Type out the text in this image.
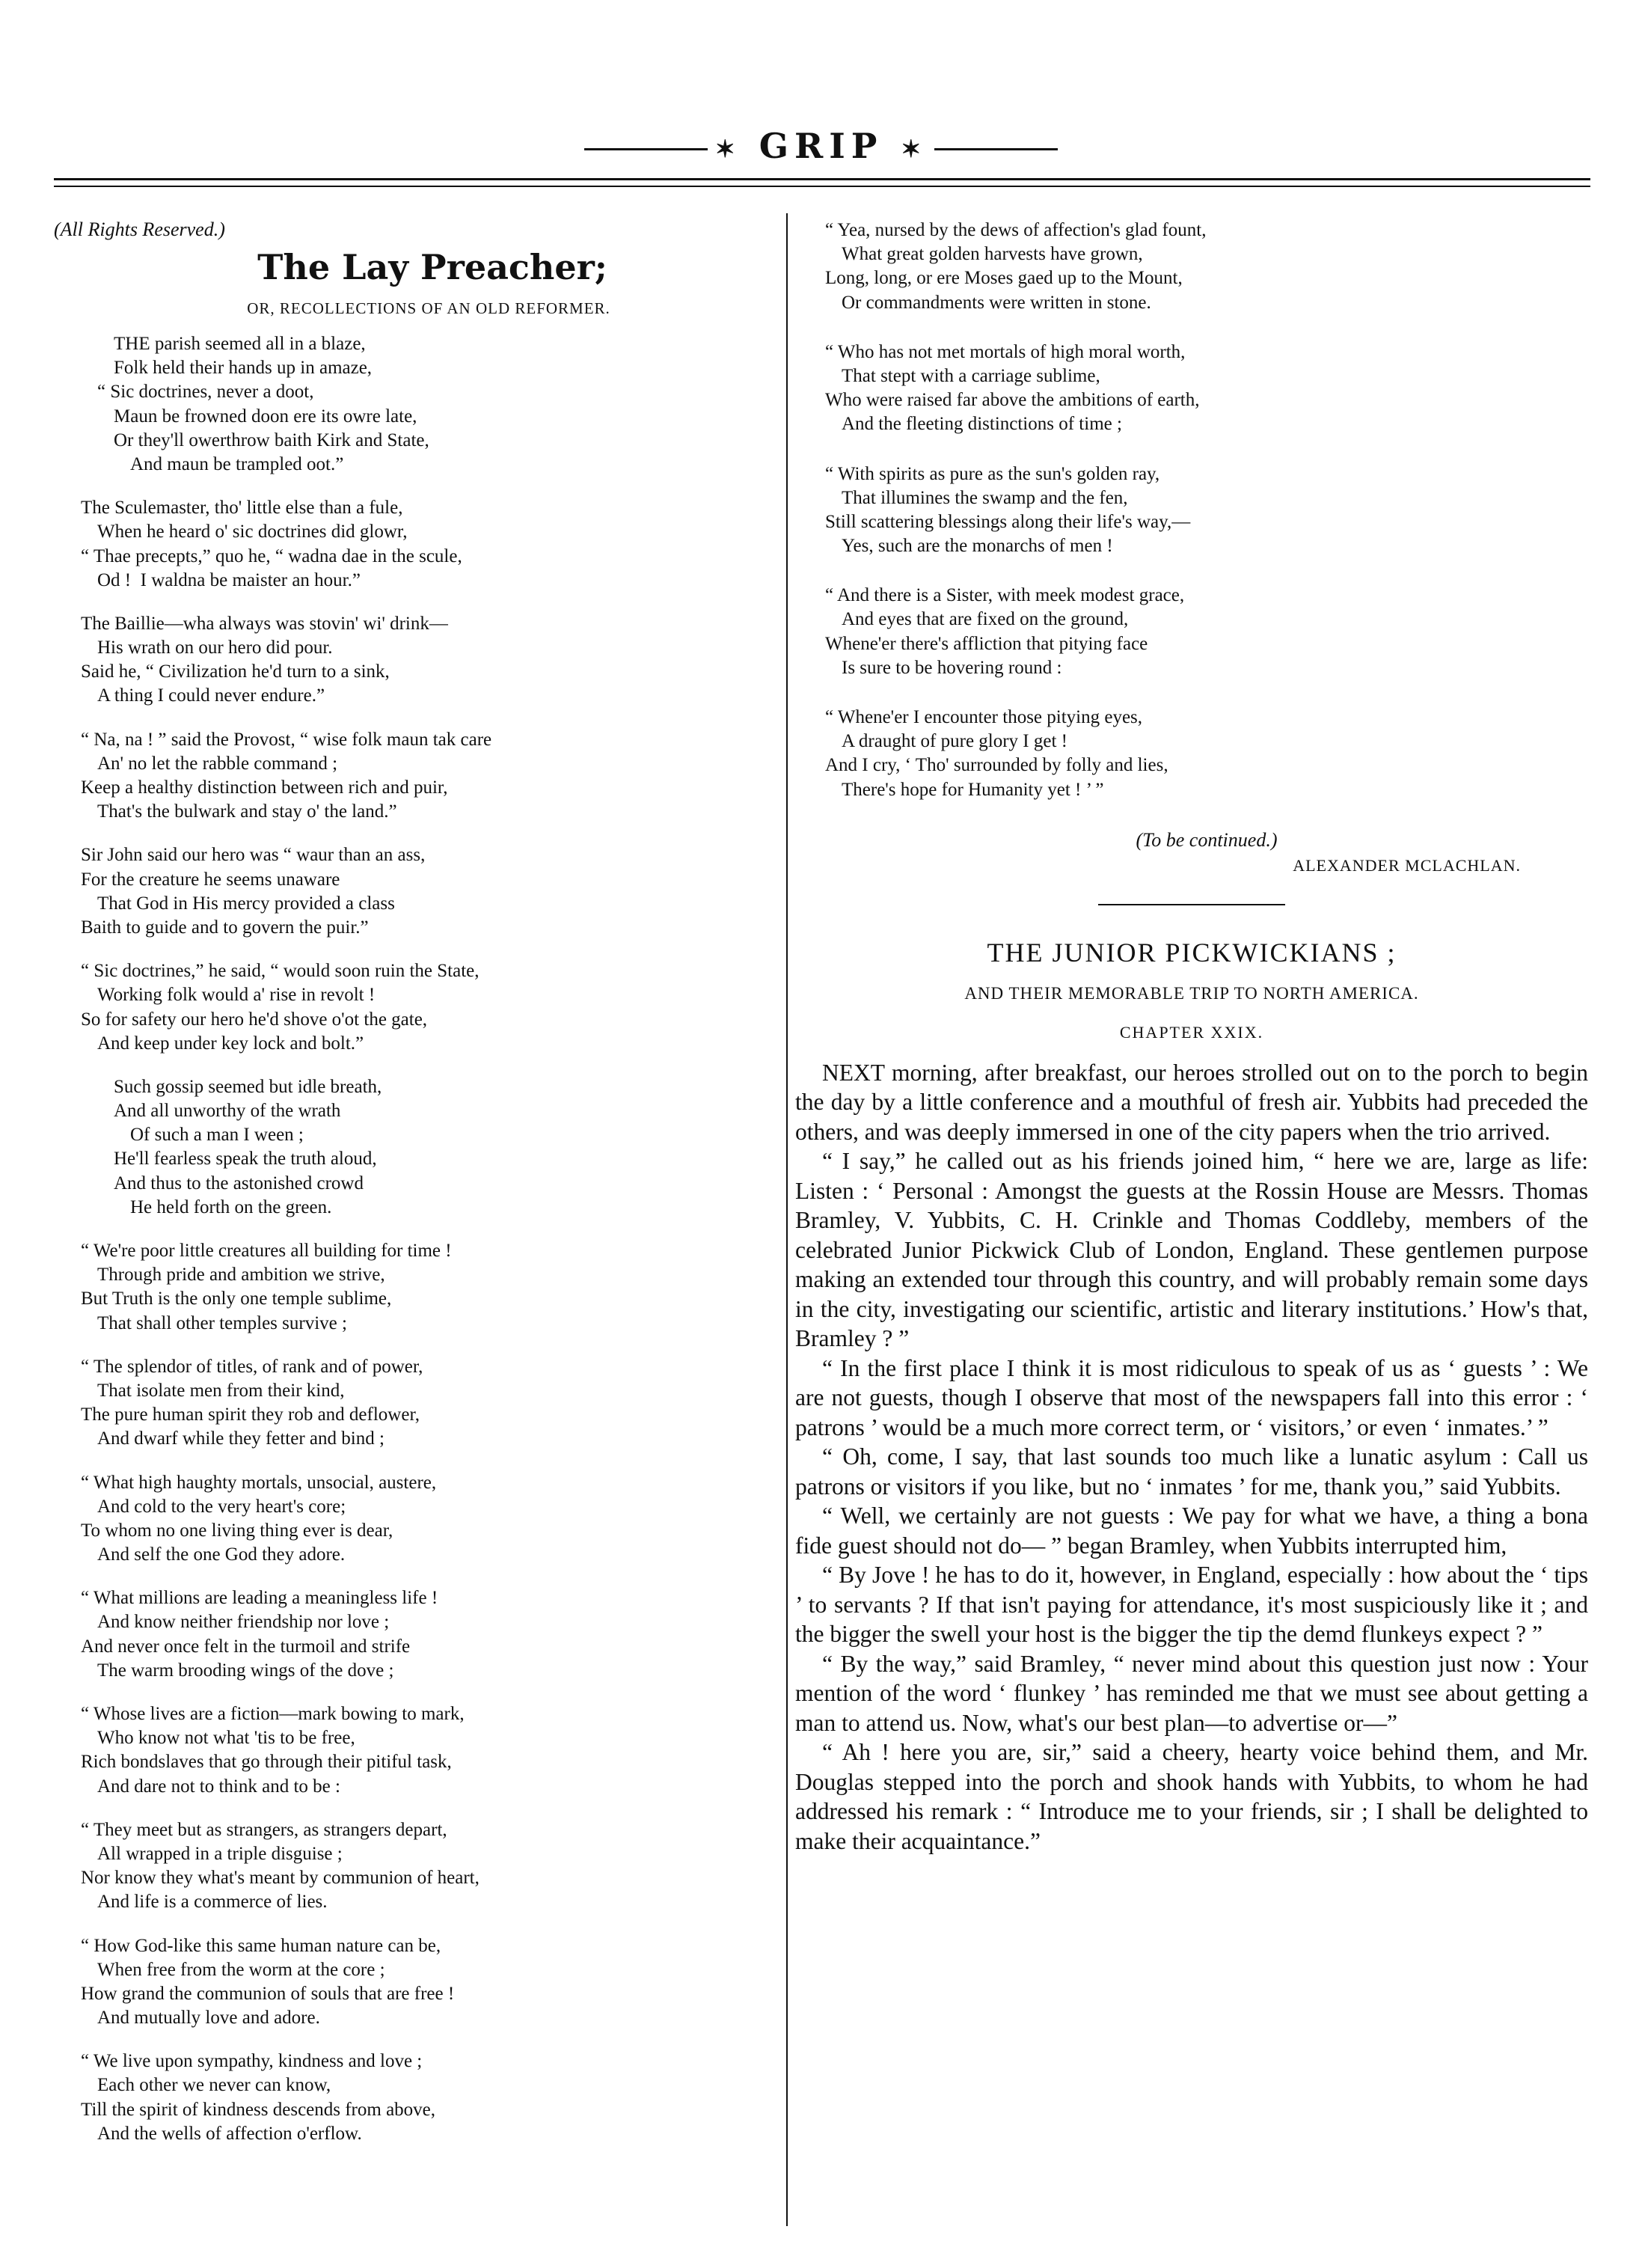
✶ GRIP ✶
(All Rights Reserved.)
The Lay Preacher;
OR, RECOLLECTIONS OF AN OLD REFORMER.
THE parish seemed all in a blaze,
Folk held their hands up in amaze,
“ Sic doctrines, never a doot,
Maun be frowned doon ere its owre late,
Or they'll owerthrow baith Kirk and State,
And maun be trampled oot.”
The Sculemaster, tho' little else than a fule,
When he heard o' sic doctrines did glowr,
“ Thae precepts,” quo he, “ wadna dae in the scule,
Od !  I waldna be maister an hour.”
The Baillie—wha always was stovin' wi' drink—
His wrath on our hero did pour.
Said he, “ Civilization he'd turn to a sink,
A thing I could never endure.”
“ Na, na ! ” said the Provost, “ wise folk maun tak care
An' no let the rabble command ;
Keep a healthy distinction between rich and puir,
That's the bulwark and stay o' the land.”
Sir John said our hero was “ waur than an ass,
For the creature he seems unaware
That God in His mercy provided a class
Baith to guide and to govern the puir.”
“ Sic doctrines,” he said, “ would soon ruin the State,
Working folk would a' rise in revolt !
So for safety our hero he'd shove o'ot the gate,
And keep under key lock and bolt.”
Such gossip seemed but idle breath,
And all unworthy of the wrath
Of such a man I ween ;
He'll fearless speak the truth aloud,
And thus to the astonished crowd
He held forth on the green.
“ We're poor little creatures all building for time !
Through pride and ambition we strive,
But Truth is the only one temple sublime,
That shall other temples survive ;
“ The splendor of titles, of rank and of power,
That isolate men from their kind,
The pure human spirit they rob and deflower,
And dwarf while they fetter and bind ;
“ What high haughty mortals, unsocial, austere,
And cold to the very heart's core;
To whom no one living thing ever is dear,
And self the one God they adore.
“ What millions are leading a meaningless life !
And know neither friendship nor love ;
And never once felt in the turmoil and strife
The warm brooding wings of the dove ;
“ Whose lives are a fiction—mark bowing to mark,
Who know not what 'tis to be free,
Rich bondslaves that go through their pitiful task,
And dare not to think and to be :
“ They meet but as strangers, as strangers depart,
All wrapped in a triple disguise ;
Nor know they what's meant by communion of heart,
And life is a commerce of lies.
“ How God-like this same human nature can be,
When free from the worm at the core ;
How grand the communion of souls that are free !
And mutually love and adore.
“ We live upon sympathy, kindness and love ;
Each other we never can know,
Till the spirit of kindness descends from above,
And the wells of affection o'erflow.
“ Yea, nursed by the dews of affection's glad fount,
What great golden harvests have grown,
Long, long, or ere Moses gaed up to the Mount,
Or commandments were written in stone.
“ Who has not met mortals of high moral worth,
That stept with a carriage sublime,
Who were raised far above the ambitions of earth,
And the fleeting distinctions of time ;
“ With spirits as pure as the sun's golden ray,
That illumines the swamp and the fen,
Still scattering blessings along their life's way,—
Yes, such are the monarchs of men !
“ And there is a Sister, with meek modest grace,
And eyes that are fixed on the ground,
Whene'er there's affliction that pitying face
Is sure to be hovering round :
“ Whene'er I encounter those pitying eyes,
A draught of pure glory I get !
And I cry, ‘ Tho' surrounded by folly and lies,
There's hope for Humanity yet ! ’ ”
(To be continued.)
ALEXANDER MCLACHLAN.
THE JUNIOR PICKWICKIANS ;
AND THEIR MEMORABLE TRIP TO NORTH AMERICA.
CHAPTER XXIX.

NEXT morning, after breakfast, our heroes strolled out on to the porch to begin the day by a little conference and a mouthful of fresh air. Yubbits had preceded the others, and was deeply immersed in one of the city papers when the trio arrived.

“ I say,” he called out as his friends joined him, “ here we are, large as life: Listen : ‘ Personal : Amongst the guests at the Rossin House are Messrs. Thomas Bramley, V. Yubbits, C. H. Crinkle and Thomas Coddleby, members of the celebrated Junior Pickwick Club of London, England. These gentlemen purpose making an extended tour through this country, and will probably remain some days in the city, investigating our scientific, artistic and literary institutions.’ How's that, Bramley ? ”

“ In the first place I think it is most ridiculous to speak of us as ‘ guests ’ : We are not guests, though I observe that most of the newspapers fall into this error : ‘ patrons ’ would be a much more correct term, or ‘ visitors,’ or even ‘ inmates.’ ”

“ Oh, come, I say, that last sounds too much like a lunatic asylum : Call us patrons or visitors if you like, but no ‘ inmates ’ for me, thank you,” said Yubbits.

“ Well, we certainly are not guests : We pay for what we have, a thing a bona fide guest should not do— ” began Bramley, when Yubbits interrupted him,

“ By Jove ! he has to do it, however, in England, especially : how about the ‘ tips ’ to servants ? If that isn't paying for attendance, it's most suspiciously like it ; and the bigger the swell your host is the bigger the tip the demd flunkeys expect ? ”

“ By the way,” said Bramley, “ never mind about this question just now : Your mention of the word ‘ flunkey ’ has reminded me that we must see about getting a man to attend us. Now, what's our best plan—to advertise or—”

“ Ah ! here you are, sir,” said a cheery, hearty voice behind them, and Mr. Douglas stepped into the porch and shook hands with Yubbits, to whom he had addressed his remark : “ Introduce me to your friends, sir ; I shall be delighted to make their acquaintance.”
